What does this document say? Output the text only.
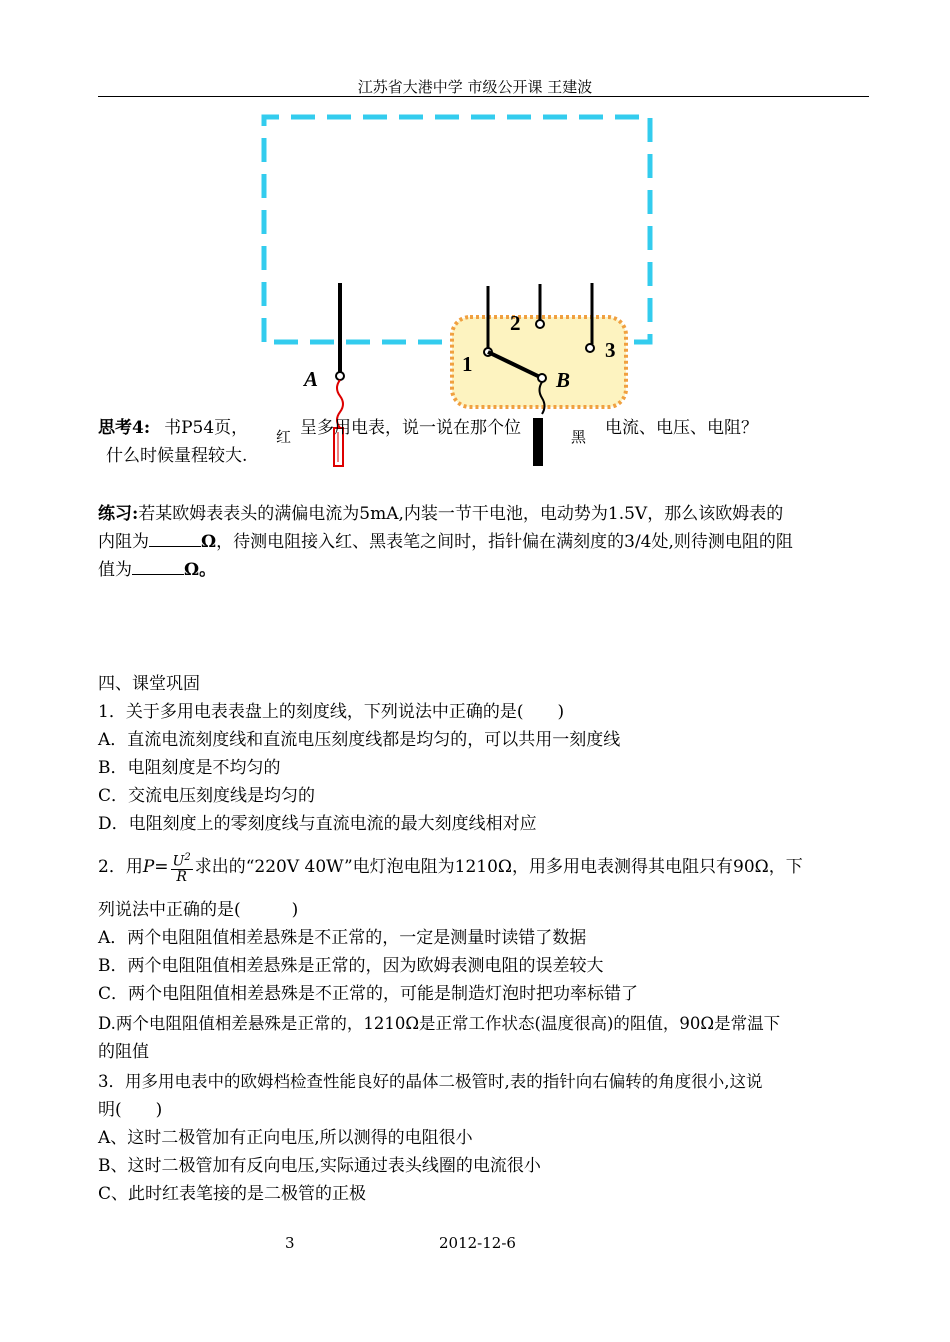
江苏省大港中学 市级公开课 王建波
A	B
1
2
3
红	黑
思考4: 书P54页，	呈多用电表，说一说在那个位	电流、电压、电阻？
什么时候量程较大.
练习:若某欧姆表表头的满偏电流为5mA,内装一节干电池，电动势为1.5V，那么该欧姆表的
内阻为	Ω，待测电阻接入红、黑表笔之间时，指针偏在满刻度的3/4处,则待测电阻的阻
值为	Ω。
四、课堂巩固
1．关于多用电表表盘上的刻度线，下列说法中正确的是(　　)
A．直流电流刻度线和直流电压刻度线都是均匀的，可以共用一刻度线
B．电阻刻度是不均匀的
C．交流电压刻度线是均匀的
D．电阻刻度上的零刻度线与直流电流的最大刻度线相对应
2．用$P= \frac{U^2}{R}$ 求出的“220V 40W”电灯泡电阻为1210Ω，用多用电表测得其电阻只有90Ω，下
列说法中正确的是(　　　)
A．两个电阻阻值相差悬殊是不正常的，一定是测量时读错了数据
B．两个电阻阻值相差悬殊是正常的，因为欧姆表测电阻的误差较大
C．两个电阻阻值相差悬殊是不正常的，可能是制造灯泡时把功率标错了
D.两个电阻阻值相差悬殊是正常的，1210Ω是正常工作状态(温度很高)的阻值，90Ω是常温下
的阻值
3．用多用电表中的欧姆档检查性能良好的晶体二极管时,表的指针向右偏转的角度很小,这说
明(　　)
A、这时二极管加有正向电压,所以测得的电阻很小
B、这时二极管加有反向电压,实际通过表头线圈的电流很小
C、此时红表笔接的是二极管的正极
3	2012-12-6
